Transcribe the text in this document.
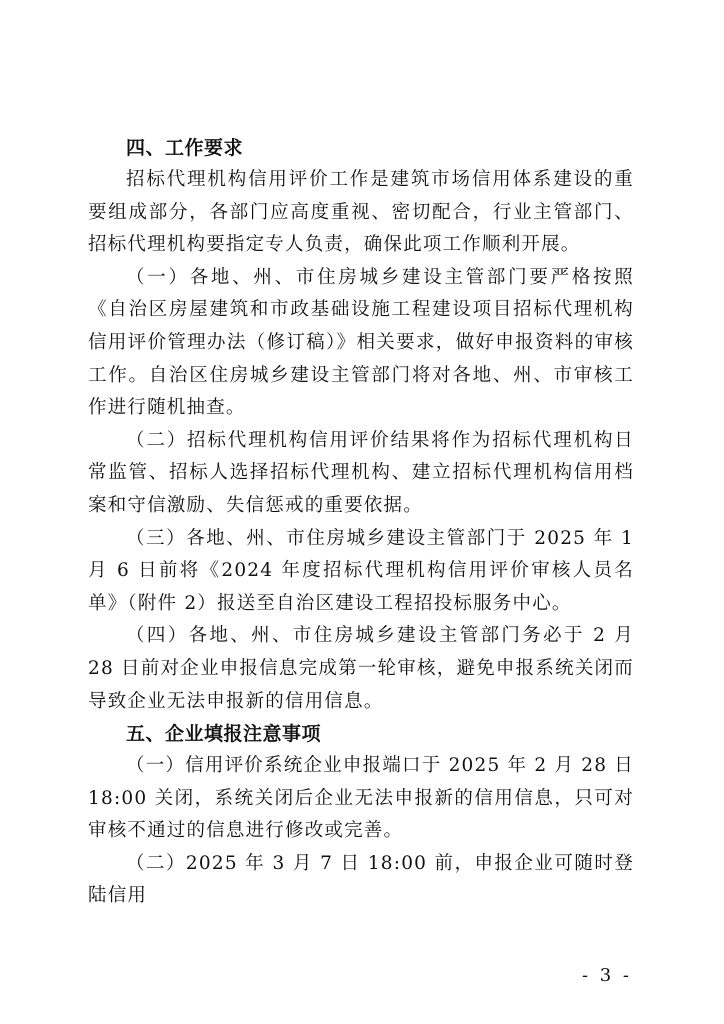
四、工作要求

招标代理机构信用评价工作是建筑市场信用体系建设的重要组成部分，各部门应高度重视、密切配合，行业主管部门、招标代理机构要指定专人负责，确保此项工作顺利开展。

（一）各地、州、市住房城乡建设主管部门要严格按照《自治区房屋建筑和市政基础设施工程建设项目招标代理机构信用评价管理办法（修订稿）》相关要求，做好申报资料的审核工作。自治区住房城乡建设主管部门将对各地、州、市审核工作进行随机抽查。

（二）招标代理机构信用评价结果将作为招标代理机构日常监管、招标人选择招标代理机构、建立招标代理机构信用档案和守信激励、失信惩戒的重要依据。

（三）各地、州、市住房城乡建设主管部门于 2025 年 1 月 6 日前将《2024 年度招标代理机构信用评价审核人员名单》（附件 2）报送至自治区建设工程招投标服务中心。

（四）各地、州、市住房城乡建设主管部门务必于 2 月 28 日前对企业申报信息完成第一轮审核，避免申报系统关闭而导致企业无法申报新的信用信息。

五、企业填报注意事项

（一）信用评价系统企业申报端口于 2025 年 2 月 28 日 18:00 关闭，系统关闭后企业无法申报新的信用信息，只可对审核不通过的信息进行修改或完善。

（二）2025 年 3 月 7 日 18:00 前，申报企业可随时登陆信用

- 3 -
